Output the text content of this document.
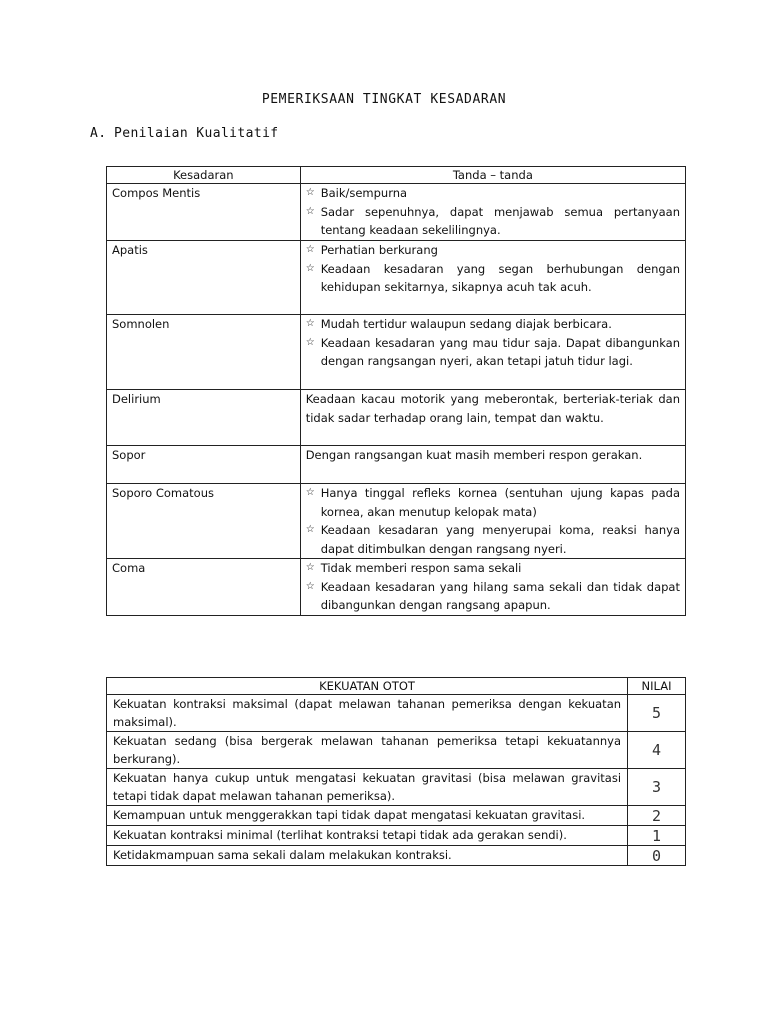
PEMERIKSAAN TINGKAT KESADARAN
A. Penilaian Kualitatif
Kesadaran	Tanda – tanda
Compos Mentis	☆ Baik/sempurna
☆ Sadar sepenuhnya, dapat menjawab semua pertanyaan tentang keadaan sekelilingnya.

Apatis	☆ Perhatian berkurang
☆ Keadaan kesadaran yang segan berhubungan dengan kehidupan sekitarnya, sikapnya acuh tak acuh.

Somnolen	☆ Mudah tertidur walaupun sedang diajak berbicara.
☆ Keadaan kesadaran yang mau tidur saja. Dapat dibangunkan dengan rangsangan nyeri, akan tetapi jatuh tidur lagi.

Delirium	Keadaan kacau motorik yang meberontak, berteriak-teriak dan tidak sadar terhadap orang lain, tempat dan waktu.
Sopor	Dengan rangsangan kuat masih memberi respon gerakan.
Soporo Comatous	☆ Hanya tinggal refleks kornea (sentuhan ujung kapas pada kornea, akan menutup kelopak mata)
☆ Keadaan kesadaran yang menyerupai koma, reaksi hanya dapat ditimbulkan dengan rangsang nyeri.

Coma	☆ Tidak memberi respon sama sekali
☆ Keadaan kesadaran yang hilang sama sekali dan tidak dapat dibangunkan dengan rangsang apapun.
KEKUATAN OTOT	NILAI
Kekuatan kontraksi maksimal (dapat melawan tahanan pemeriksa dengan kekuatan maksimal).	5
Kekuatan sedang (bisa bergerak melawan tahanan pemeriksa tetapi kekuatannya berkurang).	4
Kekuatan hanya cukup untuk mengatasi kekuatan gravitasi (bisa melawan gravitasi tetapi tidak dapat melawan tahanan pemeriksa).	3
Kemampuan untuk menggerakkan tapi tidak dapat mengatasi kekuatan gravitasi.	2
Kekuatan kontraksi minimal (terlihat kontraksi tetapi tidak ada gerakan sendi).	1
Ketidakmampuan sama sekali dalam melakukan kontraksi.	0
